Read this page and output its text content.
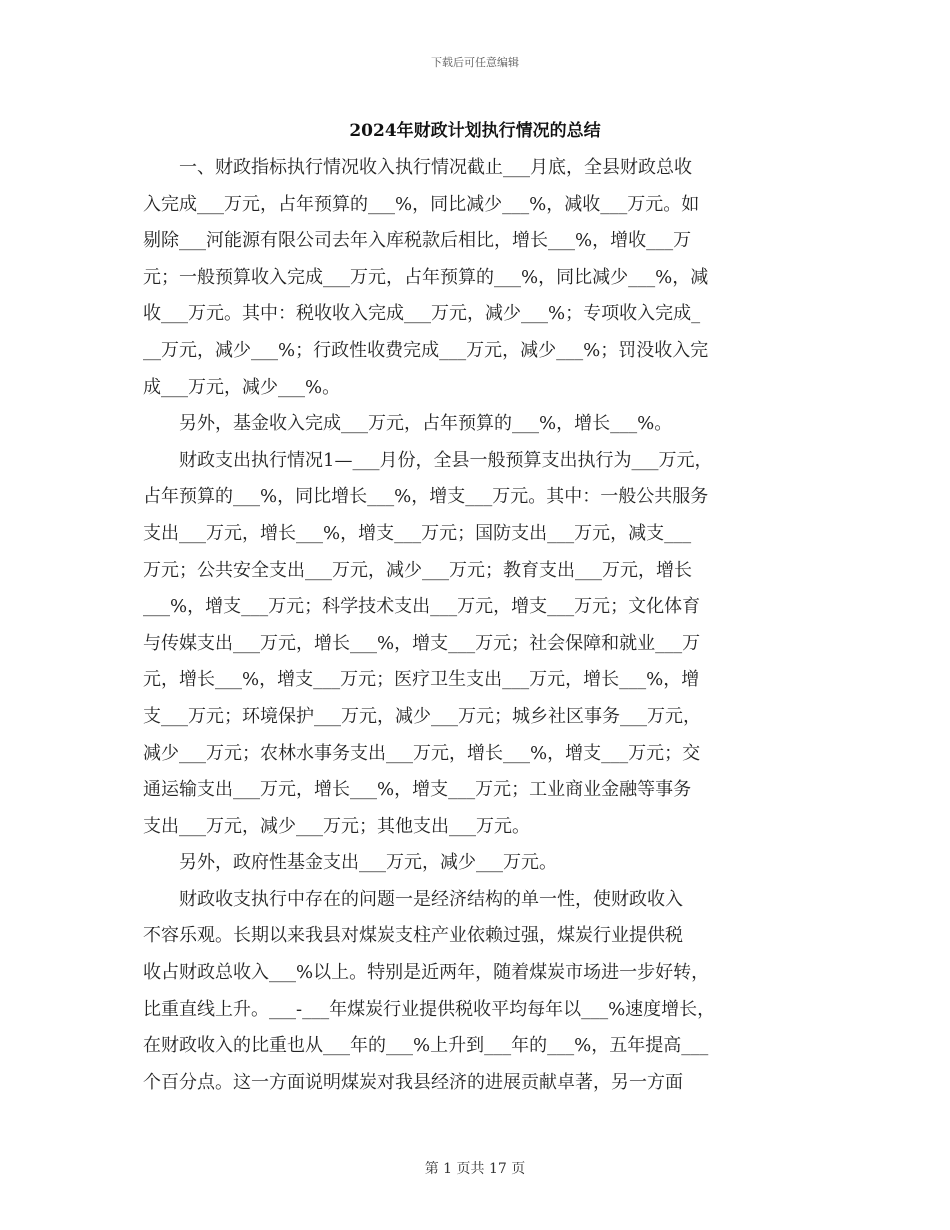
下载后可任意编辑
2024年财政计划执行情况的总结
　　一、财政指标执行情况收入执行情况截止___月底，全县财政总收
入完成___万元，占年预算的___%，同比减少___%，减收___万元。如
剔除___河能源有限公司去年入库税款后相比，增长___%，增收___万
元；一般预算收入完成___万元，占年预算的___%，同比减少___%，减
收___万元。其中：税收收入完成___万元，减少___%；专项收入完成_
__万元，减少___%；行政性收费完成___万元，减少___%；罚没收入完
成___万元，减少___%。
　　另外，基金收入完成___万元，占年预算的___%，增长___%。
　　财政支出执行情况1—___月份，全县一般预算支出执行为___万元，
占年预算的___%，同比增长___%，增支___万元。其中：一般公共服务
支出___万元，增长___%，增支___万元；国防支出___万元，减支___
万元；公共安全支出___万元，减少___万元；教育支出___万元，增长
___%，增支___万元；科学技术支出___万元，增支___万元；文化体育
与传媒支出___万元，增长___%，增支___万元；社会保障和就业___万
元，增长___%，增支___万元；医疗卫生支出___万元，增长___%，增
支___万元；环境保护___万元，减少___万元；城乡社区事务___万元，
减少___万元；农林水事务支出___万元，增长___%，增支___万元；交
通运输支出___万元，增长___%，增支___万元；工业商业金融等事务
支出___万元，减少___万元；其他支出___万元。
　　另外，政府性基金支出___万元，减少___万元。
　　财政收支执行中存在的问题一是经济结构的单一性，使财政收入
不容乐观。长期以来我县对煤炭支柱产业依赖过强，煤炭行业提供税
收占财政总收入___%以上。特别是近两年，随着煤炭市场进一步好转，
比重直线上升。___-___年煤炭行业提供税收平均每年以___%速度增长，
在财政收入的比重也从___年的___%上升到___年的___%，五年提高___
个百分点。这一方面说明煤炭对我县经济的进展贡献卓著，另一方面
第 1 页共 17 页
